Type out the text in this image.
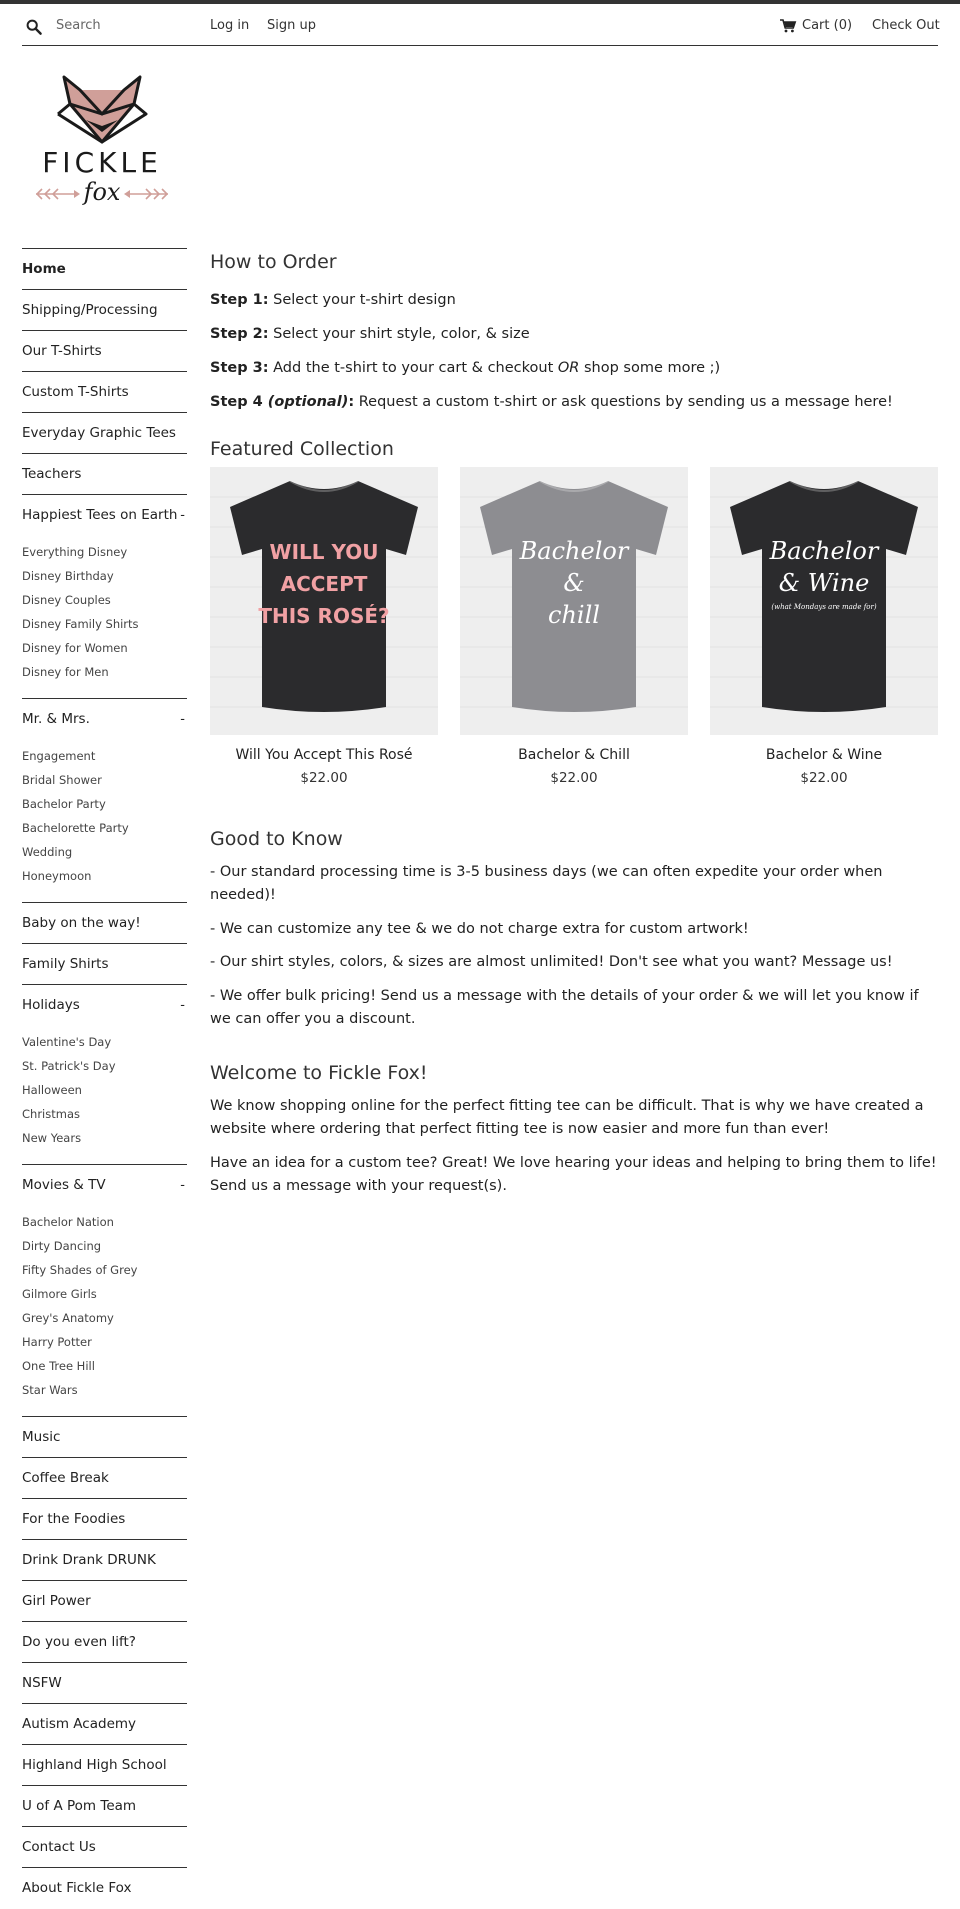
Search
Log in Sign up	Cart (0) Check Out
FICKLE
fox
Home
Shipping/Processing
Our T-Shirts
Custom T-Shirts
Everyday Graphic Tees
Teachers
Happiest Tees on Earth -
Everything Disney
Disney Birthday
Disney Couples
Disney Family Shirts
Disney for Women
Disney for Men
Mr. & Mrs.	-
Engagement
Bridal Shower
Bachelor Party
Bachelorette Party
Wedding
Honeymoon
Baby on the way!
Family Shirts
Holidays	-
Valentine's Day
St. Patrick's Day
Halloween
Christmas
New Years
Movies & TV	-
Bachelor Nation
Dirty Dancing
Fifty Shades of Grey
Gilmore Girls
Grey's Anatomy
Harry Potter
One Tree Hill
Star Wars
Music
Coffee Break
For the Foodies
Drink Drank DRUNK
Girl Power
Do you even lift?
NSFW
Autism Academy
Highland High School
U of A Pom Team
Contact Us
About Fickle Fox
How to Order

Step 1: Select your t-shirt design

Step 2: Select your shirt style, color, & size

Step 3: Add the t-shirt to your cart & checkout OR shop some more ;)

Step 4 (optional): Request a custom t-shirt or ask questions by sending us a message here!

Featured Collection
WILL YOU
ACCEPT
THIS ROSÉ?
Will You Accept This Rosé
$22.00
Bachelor
&
chill
Bachelor & Chill
$22.00
Bachelor
& Wine
(what Mondays are made for)
Bachelor & Wine
$22.00
Good to Know

- Our standard processing time is 3-5 business days (we can often expedite your order when needed)!

- We can customize any tee & we do not charge extra for custom artwork!

- Our shirt styles, colors, & sizes are almost unlimited! Don't see what you want? Message us!

- We offer bulk pricing! Send us a message with the details of your order & we will let you know if we can offer you a discount.

Welcome to Fickle Fox!

We know shopping online for the perfect fitting tee can be difficult. That is why we have created a website where ordering that perfect fitting tee is now easier and more fun than ever!

Have an idea for a custom tee? Great! We love hearing your ideas and helping to bring them to life! Send us a message with your request(s).
